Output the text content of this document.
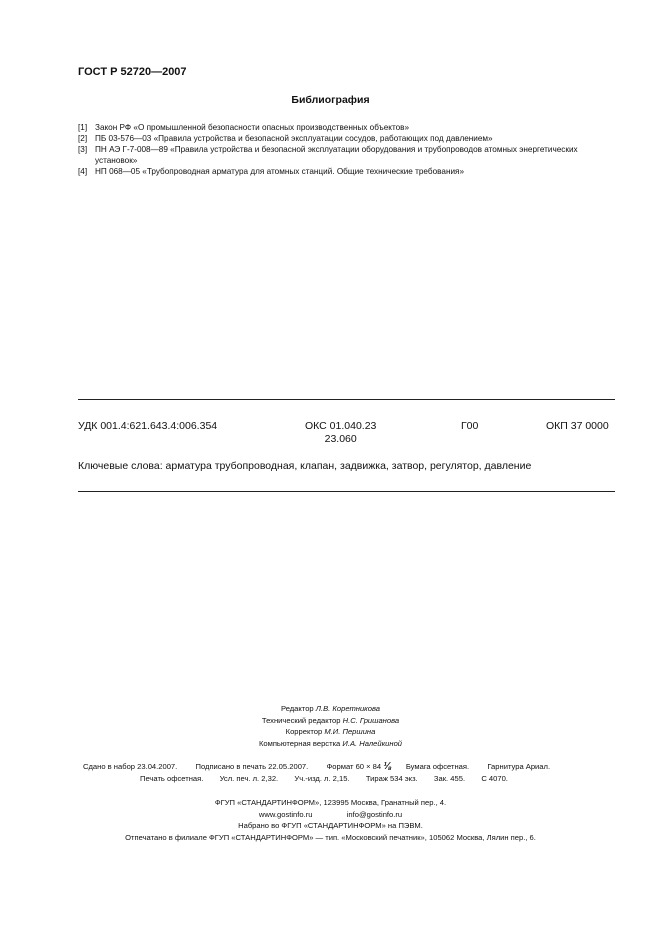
ГОСТ Р 52720—2007
Библиография
[1] Закон РФ «О промышленной безопасности опасных производственных объектов»
[2] ПБ 03-576—03 «Правила устройства и безопасной эксплуатации сосудов, работающих под давлением»
[3] ПН АЭ Г-7-008—89 «Правила устройства и безопасной эксплуатации оборудования и трубопроводов атомных энергетических установок»
[4] НП 068—05 «Трубопроводная арматура для атомных станций. Общие технические требования»
УДК 001.4:621.643.4:006.354	ОКС 01.040.23
23.060
Г00	ОКП 37 0000
Ключевые слова: арматура трубопроводная, клапан, задвижка, затвор, регулятор, давление
Редактор Л.В. Коретникова
Технический редактор Н.С. Гришанова
Корректор М.И. Першина
Компьютерная верстка И.А. Налейкиной
Сдано в набор 23.04.2007. Подписано в печать 22.05.2007. Формат 60 × 84 ⅛ Бумага офсетная. Гарнитура Ариал.
Печать офсетная. Усл. печ. л. 2,32. Уч.-изд. л. 2,15. Тираж 534 экз. Зак. 455. С 4070.
ФГУП «СТАНДАРТИНФОРМ», 123995 Москва, Гранатный пер., 4.
www.gostinfo.ru	info@gostinfo.ru
Набрано во ФГУП «СТАНДАРТИНФОРМ» на ПЭВМ.
Отпечатано в филиале ФГУП «СТАНДАРТИНФОРМ» — тип. «Московский печатник», 105062 Москва, Лялин пер., 6.
